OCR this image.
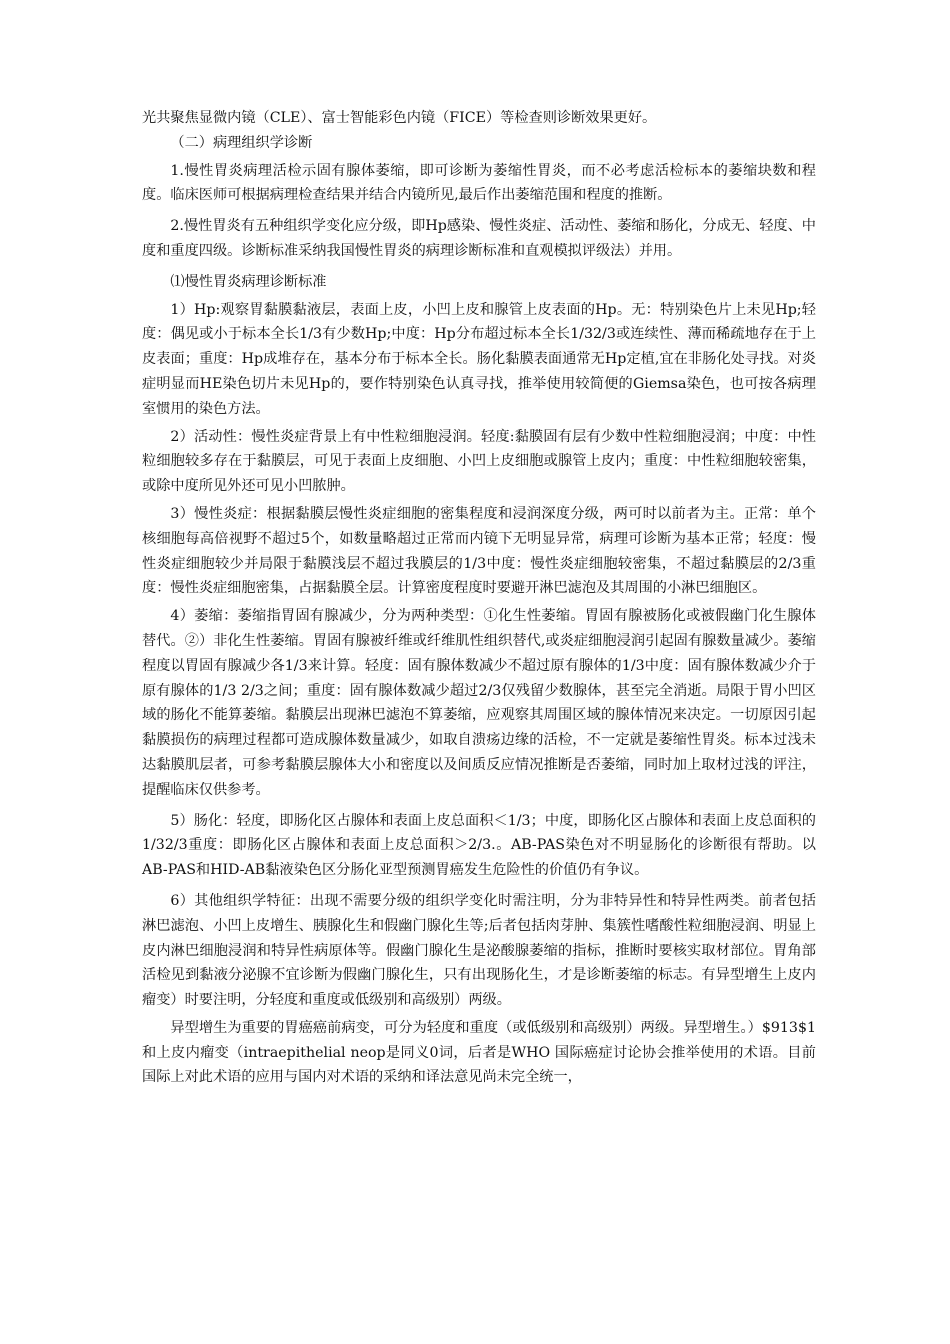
光共聚焦显微内镜（CLE）、富士智能彩色内镜（FICE）等检查则诊断效果更好。

（二）病理组织学诊断

1.慢性胃炎病理活检示固有腺体萎缩，即可诊断为萎缩性胃炎，而不必考虑活检标本的萎缩块数和程度。临床医师可根据病理检查结果并结合内镜所见,最后作出萎缩范围和程度的推断。

2.慢性胃炎有五种组织学变化应分级，即Hp感染、慢性炎症、活动性、萎缩和肠化，分成无、轻度、中度和重度四级。诊断标准采纳我国慢性胃炎的病理诊断标准和直观模拟评级法）并用。

⑴慢性胃炎病理诊断标准

1）Hp:观察胃黏膜黏液层，表面上皮，小凹上皮和腺管上皮表面的Hp。无：特别染色片上未见Hp;轻度：偶见或小于标本全长1/3有少数Hp;中度：Hp分布超过标本全长1/32/3或连续性、薄而稀疏地存在于上皮表面；重度：Hp成堆存在，基本分布于标本全长。肠化黏膜表面通常无Hp定植,宜在非肠化处寻找。对炎症明显而HE染色切片未见Hp的，要作特别染色认真寻找，推举使用较简便的Giemsa染色，也可按各病理室惯用的染色方法。

2）活动性：慢性炎症背景上有中性粒细胞浸润。轻度:黏膜固有层有少数中性粒细胞浸润；中度：中性粒细胞较多存在于黏膜层，可见于表面上皮细胞、小凹上皮细胞或腺管上皮内；重度：中性粒细胞较密集，或除中度所见外还可见小凹脓肿。

3）慢性炎症：根据黏膜层慢性炎症细胞的密集程度和浸润深度分级，两可时以前者为主。正常：单个核细胞每高倍视野不超过5个，如数量略超过正常而内镜下无明显异常，病理可诊断为基本正常；轻度：慢性炎症细胞较少并局限于黏膜浅层不超过我膜层的1/3中度：慢性炎症细胞较密集，不超过黏膜层的2/3重度：慢性炎症细胞密集，占据黏膜全层。计算密度程度时要避开淋巴滤泡及其周围的小淋巴细胞区。

4）萎缩：萎缩指胃固有腺减少，分为两种类型：①化生性萎缩。胃固有腺被肠化或被假幽门化生腺体替代。②）非化生性萎缩。胃固有腺被纤维或纤维肌性组织替代,或炎症细胞浸润引起固有腺数量减少。萎缩程度以胃固有腺减少各1/3来计算。轻度：固有腺体数减少不超过原有腺体的1/3中度：固有腺体数减少介于原有腺体的1/3 2/3之间；重度：固有腺体数减少超过2/3仅残留少数腺体，甚至完全消逝。局限于胃小凹区域的肠化不能算萎缩。黏膜层出现淋巴滤泡不算萎缩，应观察其周围区域的腺体情况来决定。一切原因引起黏膜损伤的病理过程都可造成腺体数量减少，如取自溃疡边缘的活检，不一定就是萎缩性胃炎。标本过浅未达黏膜肌层者，可参考黏膜层腺体大小和密度以及间质反应情况推断是否萎缩，同时加上取材过浅的评注，提醒临床仅供参考。

5）肠化：轻度，即肠化区占腺体和表面上皮总面积＜1/3；中度，即肠化区占腺体和表面上皮总面积的1/32/3重度：即肠化区占腺体和表面上皮总面积＞2/3.。AB-PAS染色对不明显肠化的诊断很有帮助。以AB-PAS和HID-AB黏液染色区分肠化亚型预测胃癌发生危险性的价值仍有争议。

6）其他组织学特征：出现不需要分级的组织学变化时需注明，分为非特异性和特异性两类。前者包括淋巴滤泡、小凹上皮增生、胰腺化生和假幽门腺化生等;后者包括肉芽肿、集簇性嗜酸性粒细胞浸润、明显上皮内淋巴细胞浸润和特异性病原体等。假幽门腺化生是泌酸腺萎缩的指标，推断时要核实取材部位。胃角部活检见到黏液分泌腺不宜诊断为假幽门腺化生，只有出现肠化生，才是诊断萎缩的标志。有异型增生上皮内瘤变）时要注明，分轻度和重度或低级别和高级别）两级。

异型增生为重要的胃癌癌前病变，可分为轻度和重度（或低级别和高级别）两级。异型增生。）$913$1和上皮内瘤变（intraepithelial neop是同义0词，后者是WHO 国际癌症讨论协会推举使用的术语。目前国际上对此术语的应用与国内对术语的采纳和译法意见尚未完全统一，
